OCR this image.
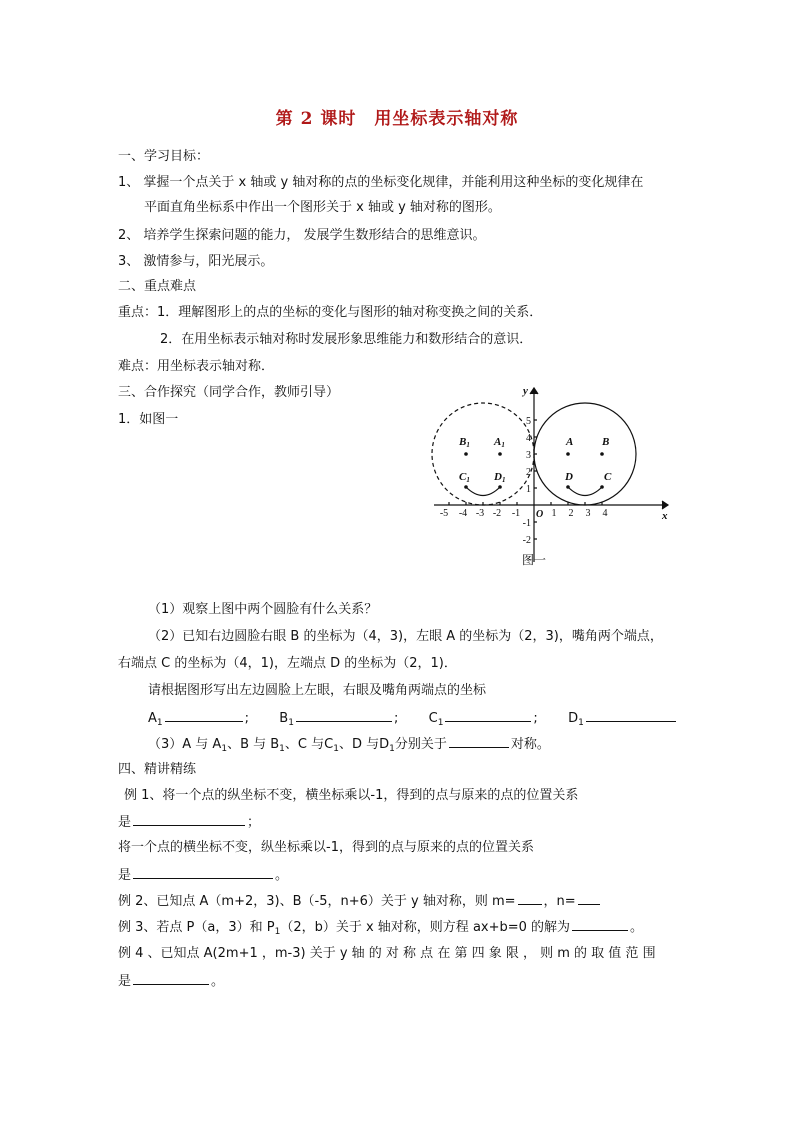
第 2 课时 用坐标表示轴对称
一、学习目标：
1、 掌握一个点关于 x 轴或 y 轴对称的点的坐标变化规律，并能利用这种坐标的变化规律在
平面直角坐标系中作出一个图形关于 x 轴或 y 轴对称的图形。
2、 培养学生探索问题的能力， 发展学生数形结合的思维意识。
3、 激情参与，阳光展示。
二、重点难点
重点：1．理解图形上的点的坐标的变化与图形的轴对称变换之间的关系．
2．在用坐标表示轴对称时发展形象思维能力和数形结合的意识．
难点：用坐标表示轴对称．
三、合作探究（同学合作，教师引导）
1．如图一
A	B
C
D
B1 A1
C1 D1
x
y
O
-5 -4 -3 -2 -1	1 2 3 4
5
4
3
2
1
-1
-2
图一
（1）观察上图中两个圆脸有什么关系？
（2）已知右边圆脸右眼 B 的坐标为（4，3)，左眼 A 的坐标为（2，3)，嘴角两个端点，
右端点 C 的坐标为（4，1)，左端点 D 的坐标为（2，1)．
请根据图形写出左边圆脸上左眼，右眼及嘴角两端点的坐标
$A_1$	;  $B_1$	;  $C_1$	;  $D_1$
（3）A 与 $A_1$、B 与 $B_1$、C 与$C_1$、D 与$D_1$分别关于	对称。
四、精讲精练
例 1、将一个点的纵坐标不变，横坐标乘以-1，得到的点与原来的点的位置关系
是	；
将一个点的横坐标不变，纵坐标乘以-1，得到的点与原来的点的位置关系
是	。
例 2、已知点 A（m+2，3)、B（-5，n+6）关于 y 轴对称，则 m= ，n=
例 3、若点 P（a，3）和 $P_1(2$，b）关于 x 轴对称，则方程 ax+b=0 的解为	。
例 4 、已知点 A(2m+1 ，m-3) 关于 y 轴 的 对 称 点 在 第 四 象 限 ， 则 m 的 取 值 范 围
是	。
